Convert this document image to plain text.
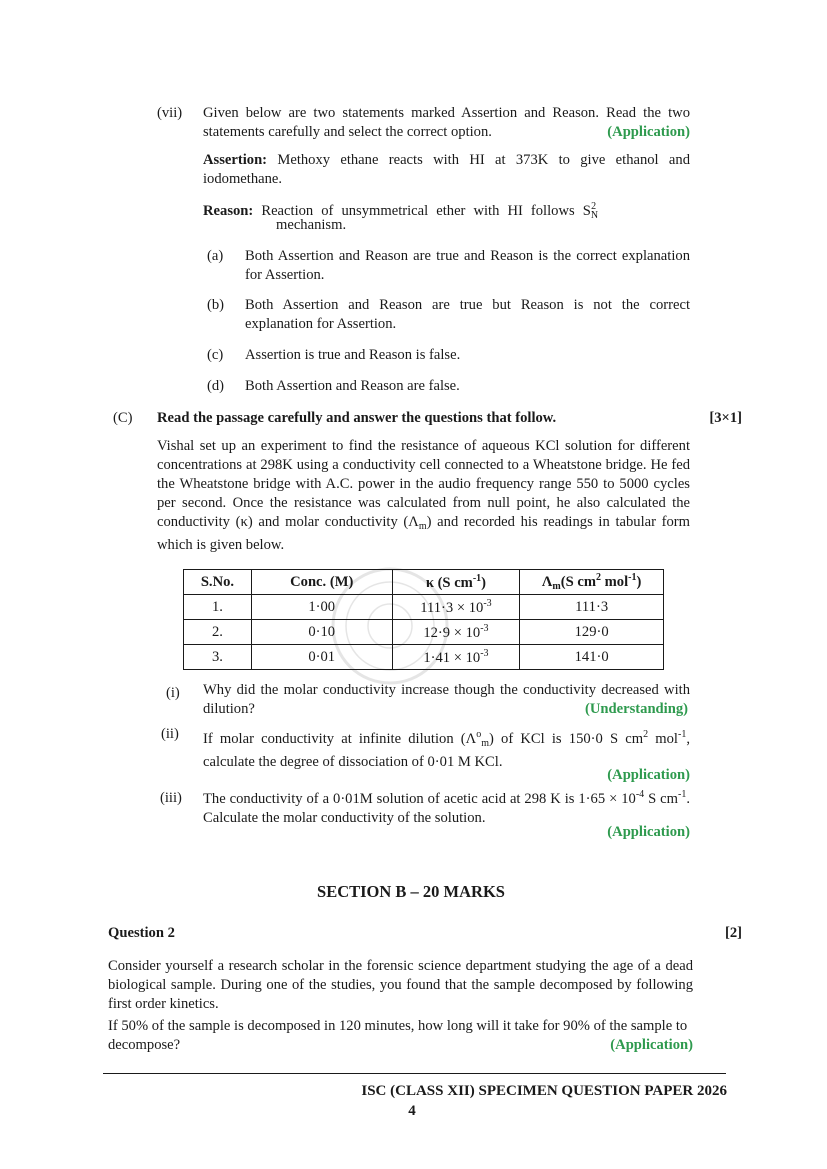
(vii) Given below are two statements marked Assertion and Reason. Read the two statements carefully and select the correct option.	(Application)
Assertion: Methoxy ethane reacts with HI at 373K to give ethanol and iodomethane.
Reason: Reaction of unsymmetrical ether with HI follows $S_N^2$
mechanism.
(a) Both Assertion and Reason are true and Reason is the correct explanation for Assertion.
(b) Both Assertion and Reason are true but Reason is not the correct explanation for Assertion.
(c) Assertion is true and Reason is false.
(d) Both Assertion and Reason are false.
(C) Read the passage carefully and answer the questions that follow.	[3×1]
Vishal set up an experiment to find the resistance of aqueous KCl solution for different concentrations at 298K using a conductivity cell connected to a Wheatstone bridge. He fed the Wheatstone bridge with A.C. power in the audio frequency range 550 to 5000 cycles per second. Once the resistance was calculated from null point, he also calculated the conductivity (κ) and molar conductivity $(\Lambda_m)$ and recorded his readings in tabular form which is given below.
S.No.	Conc. (M)	κ (S $cm^{-1}$)	$\Lambda_m(S$ $cm^2$ mol$^{-1}$)
1.	1·00	$111\cdot 3 \times 10^{-3}$	111·3
2.	0·10	$12\cdot 9 \times 10^{-3}$	129·0
3.	0·01	$1\cdot 41 \times 10^{-3}$	141·0
(i) Why did the molar conductivity increase though the conductivity decreased with dilution?	(Understanding)
(ii) If molar conductivity at infinite dilution $(\Lambda^o_m)$ of KCl is 150·0 S $cm^2$ mol$^{-1}$, calculate the degree of dissociation of 0·01 M KCl.
(Application)
(iii) The conductivity of a 0·01M solution of acetic acid at 298 K is $1\cdot 65 \times 10^{-4}$ S $cm^{-1}$. Calculate the molar conductivity of the solution.
(Application)
SECTION B – 20 MARKS
Question 2	[2]
Consider yourself a research scholar in the forensic science department studying the age of a dead biological sample. During one of the studies, you found that the sample decomposed by following first order kinetics.
If 50% of the sample is decomposed in 120 minutes, how long will it take for 90% of the sample to decompose?	(Application)
ISC (CLASS XII) SPECIMEN QUESTION PAPER 2026
4
